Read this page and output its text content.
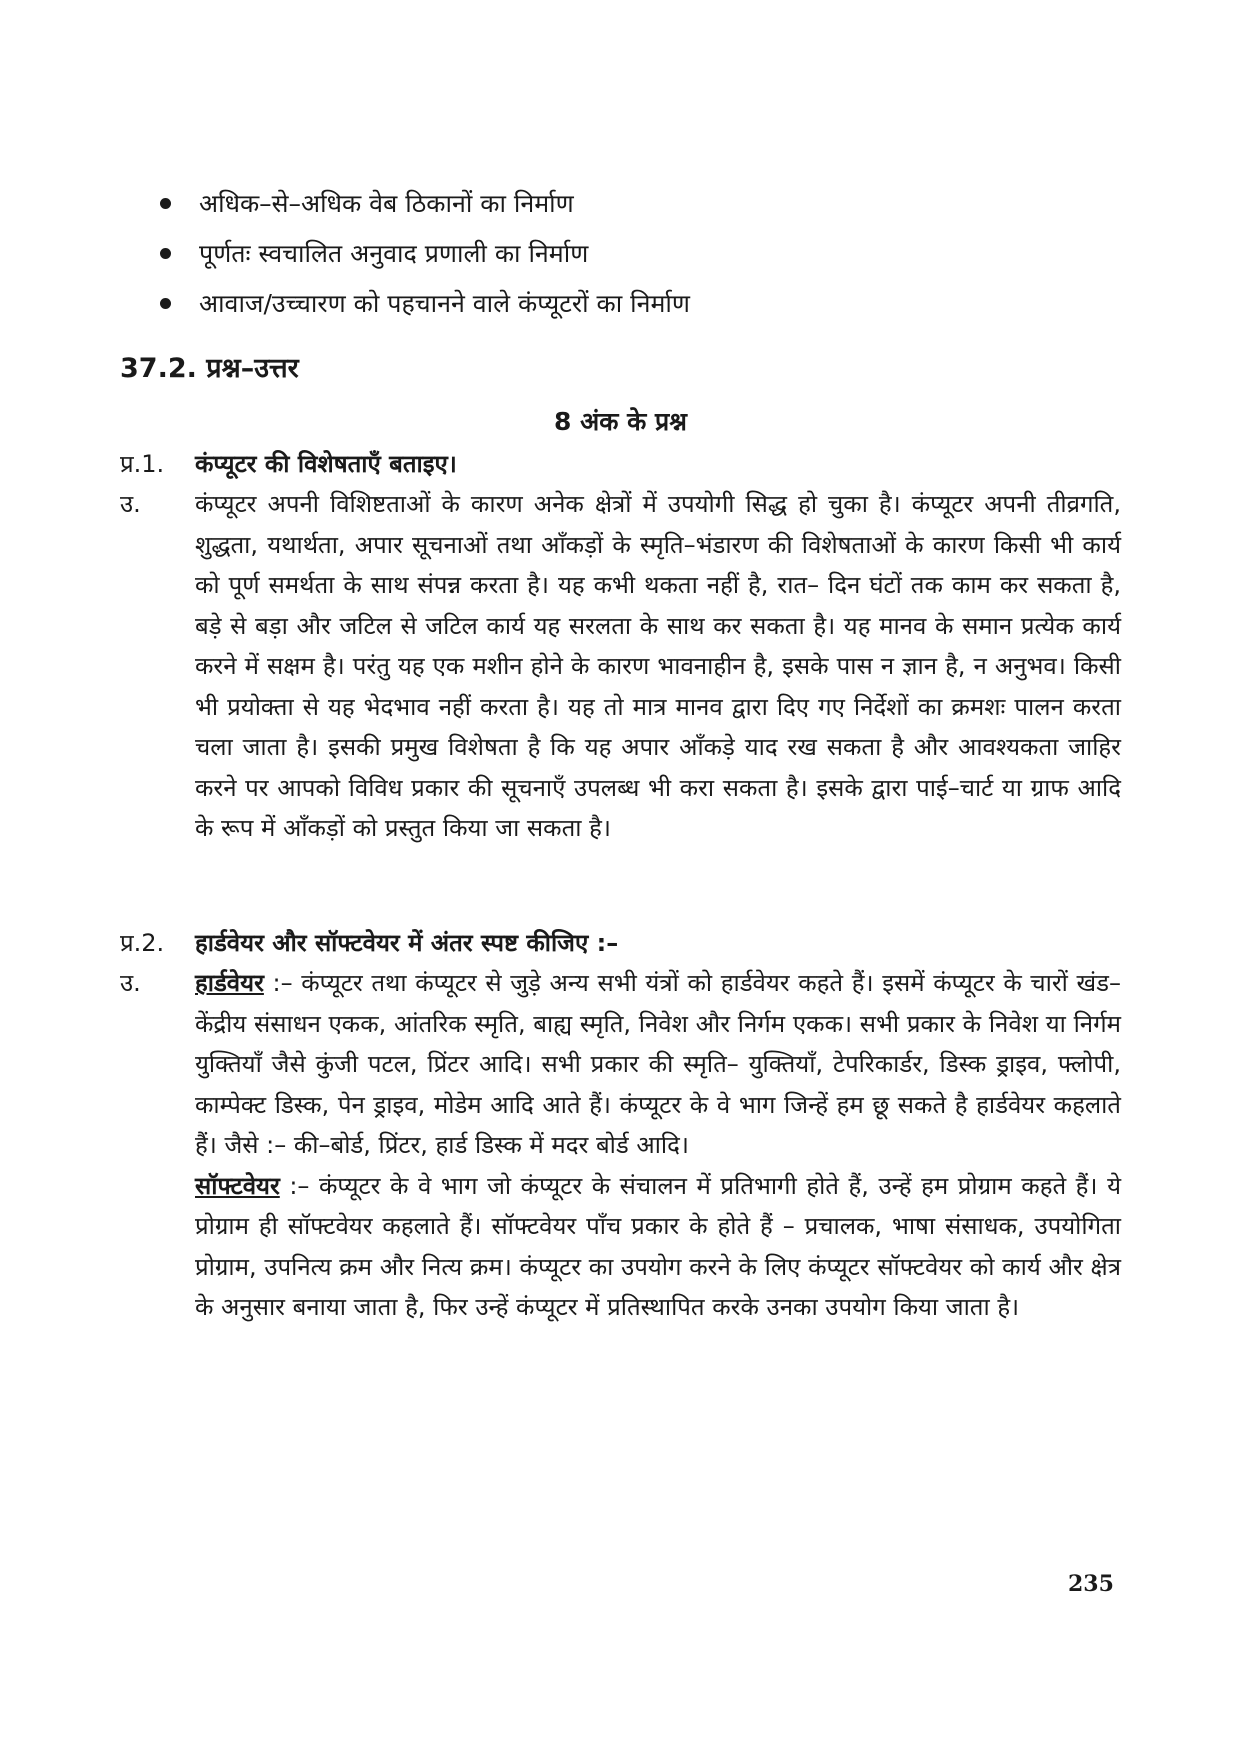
अधिक–से–अधिक वेब ठिकानों का निर्माण
पूर्णतः स्वचालित अनुवाद प्रणाली का निर्माण
आवाज/उच्चारण को पहचानने वाले कंप्यूटरों का निर्माण
37.2. प्रश्न–उत्तर
8 अंक के प्रश्न
प्र.1.	कंप्यूटर की विशेषताएँ बताइए।
उ.	कंप्यूटर अपनी विशिष्टताओं के कारण अनेक क्षेत्रों में उपयोगी सिद्ध हो चुका है। कंप्यूटर अपनी तीव्रगति, शुद्धता, यथार्थता, अपार सूचनाओं तथा आँकड़ों के स्मृति–भंडारण की विशेषताओं के कारण किसी भी कार्य को पूर्ण समर्थता के साथ संपन्न करता है। यह कभी थकता नहीं है, रात– दिन घंटों तक काम कर सकता है, बड़े से बड़ा और जटिल से जटिल कार्य यह सरलता के साथ कर सकता है। यह मानव के समान प्रत्येक कार्य करने में सक्षम है। परंतु यह एक मशीन होने के कारण भावनाहीन है, इसके पास न ज्ञान है, न अनुभव। किसी भी प्रयोक्ता से यह भेदभाव नहीं करता है। यह तो मात्र मानव द्वारा दिए गए निर्देशों का क्रमशः पालन करता चला जाता है। इसकी प्रमुख विशेषता है कि यह अपार आँकड़े याद रख सकता है और आवश्यकता जाहिर करने पर आपको विविध प्रकार की सूचनाएँ उपलब्ध भी करा सकता है। इसके द्वारा पाई–चार्ट या ग्राफ आदि के रूप में आँकड़ों को प्रस्तुत किया जा सकता है।
प्र.2.	हार्डवेयर और सॉफ्टवेयर में अंतर स्पष्ट कीजिए :–
उ.	हार्डवेयर :– कंप्यूटर तथा कंप्यूटर से जुड़े अन्य सभी यंत्रों को हार्डवेयर कहते हैं। इसमें कंप्यूटर के चारों खंड–केंद्रीय संसाधन एकक, आंतरिक स्मृति, बाह्य स्मृति, निवेश और निर्गम एकक। सभी प्रकार के निवेश या निर्गम युक्तियाँ जैसे कुंजी पटल, प्रिंटर आदि। सभी प्रकार की स्मृति– युक्तियाँ, टेपरिकार्डर, डिस्क ड्राइव, फ्लोपी, काम्पेक्ट डिस्क, पेन ड्राइव, मोडेम आदि आते हैं। कंप्यूटर के वे भाग जिन्हें हम छू सकते है हार्डवेयर कहलाते हैं। जैसे :– की–बोर्ड, प्रिंटर, हार्ड डिस्क में मदर बोर्ड आदि।

सॉफ्टवेयर :– कंप्यूटर के वे भाग जो कंप्यूटर के संचालन में प्रतिभागी होते हैं, उन्हें हम प्रोग्राम कहते हैं। ये प्रोग्राम ही सॉफ्टवेयर कहलाते हैं। सॉफ्टवेयर पाँच प्रकार के होते हैं – प्रचालक, भाषा संसाधक, उपयोगिता प्रोग्राम, उपनित्य क्रम और नित्य क्रम। कंप्यूटर का उपयोग करने के लिए कंप्यूटर सॉफ्टवेयर को कार्य और क्षेत्र के अनुसार बनाया जाता है, फिर उन्हें कंप्यूटर में प्रतिस्थापित करके उनका उपयोग किया जाता है।

235
